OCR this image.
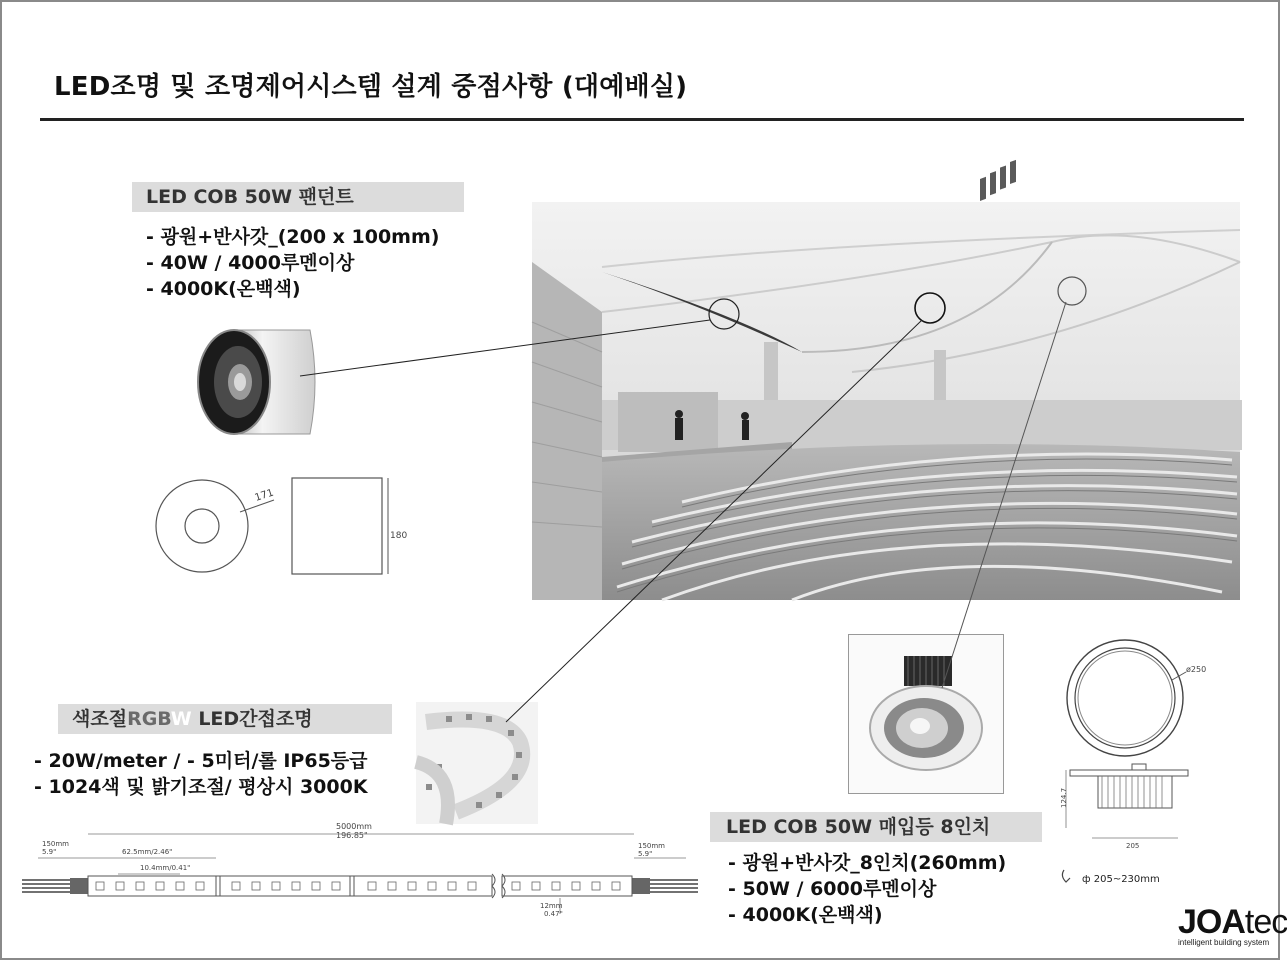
LED조명 및 조명제어시스템 설계 중점사항 (대예배실)
LED COB 50W 팬던트
- 광원+반사갓_(200 x 100mm)
- 40W / 4000루멘이상
- 4000K(온백색)
171
180
색조절RGBW LED간접조명
- 20W/meter / - 5미터/롤 IP65등급
- 1024색 및 밝기조절/ 평상시 3000K
5000mm
196.85"
150mm
5.9"	62.5mm/2.46"
10.4mm/0.41"
150mm
5.9"
12mm
0.47"
ø250
124.7
205
ф 205~230mm
LED COB 50W 매입등 8인치
- 광원+반사갓_8인치(260mm)
- 50W / 6000루멘이상
- 4000K(온백색)	JOAtec
intelligent building system
